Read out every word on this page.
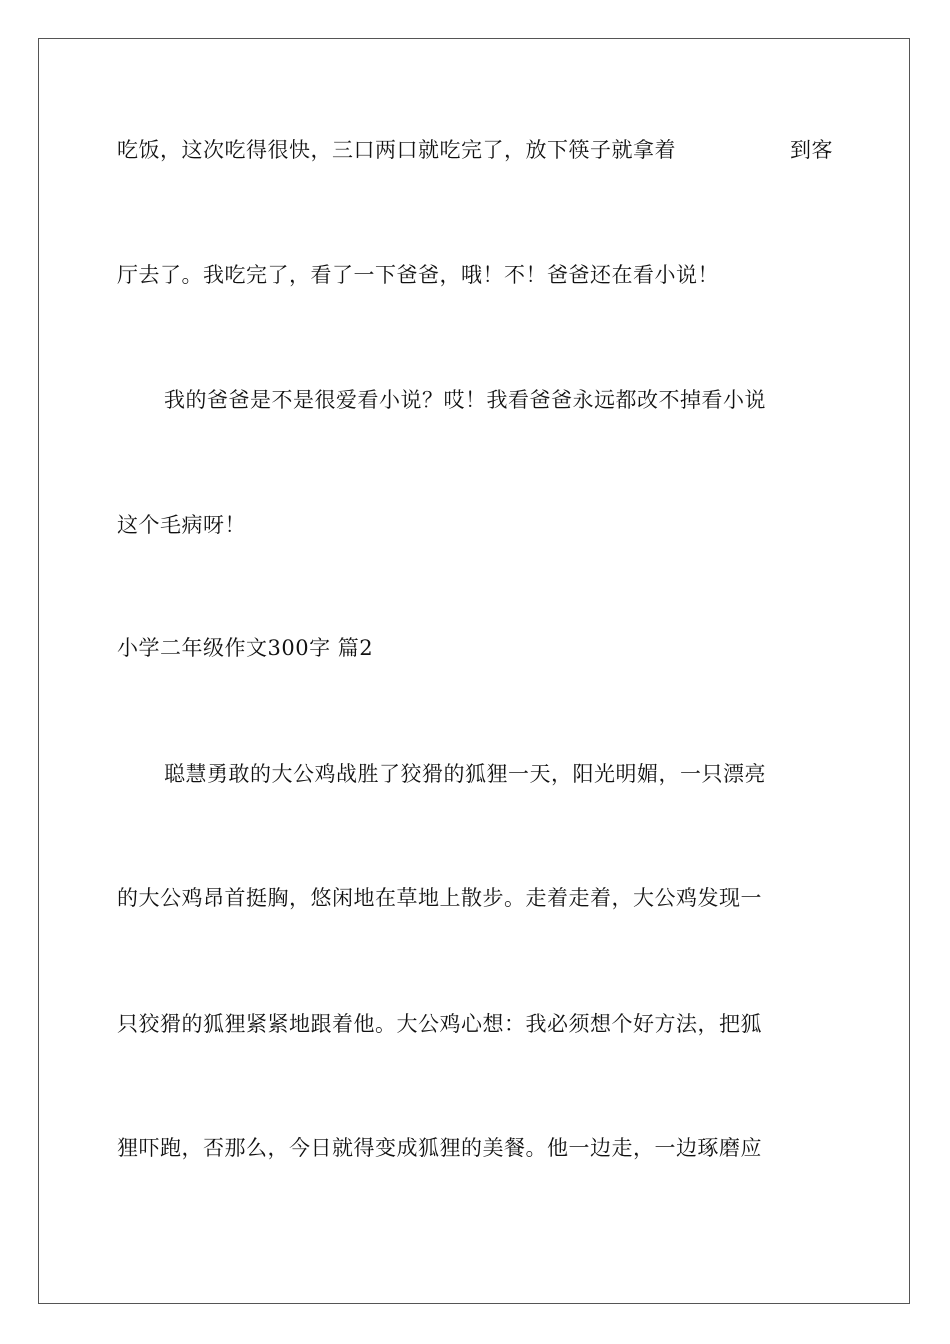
吃饭，这次吃得很快，三口两口就吃完了，放下筷子就拿着	到客
厅去了。我吃完了，看了一下爸爸，哦！不！爸爸还在看小说！
我的爸爸是不是很爱看小说？哎！我看爸爸永远都改不掉看小说
这个毛病呀！
小学二年级作文300字 篇2
聪慧勇敢的大公鸡战胜了狡猾的狐狸一天，阳光明媚，一只漂亮
的大公鸡昂首挺胸，悠闲地在草地上散步。走着走着，大公鸡发现一
只狡猾的狐狸紧紧地跟着他。大公鸡心想：我必须想个好方法，把狐
狸吓跑，否那么，今日就得变成狐狸的美餐。他一边走，一边琢磨应
